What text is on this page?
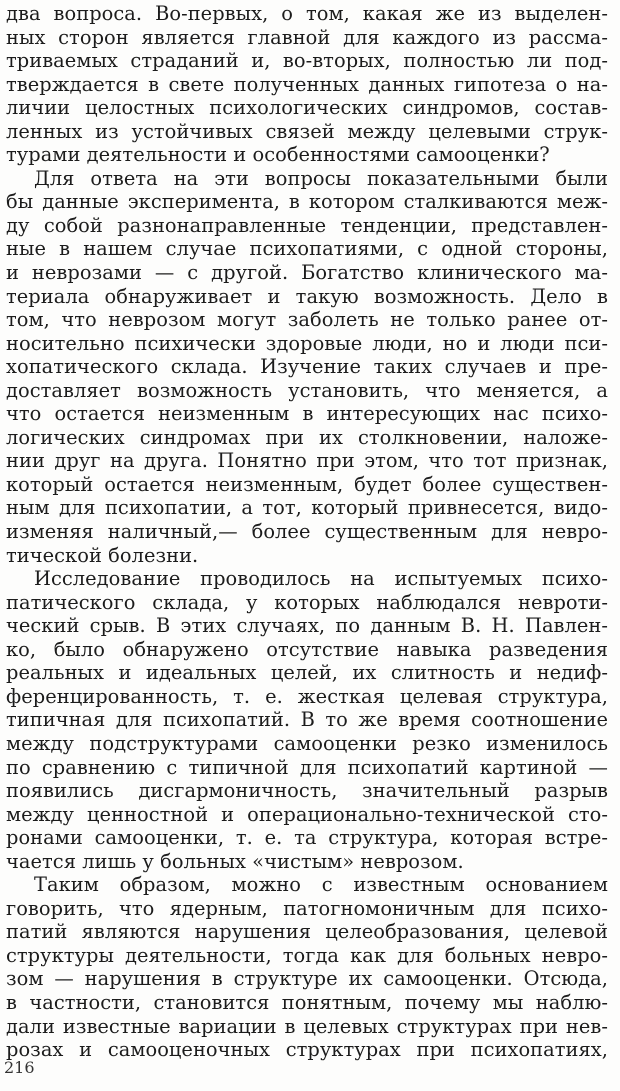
два вопроса. Во-первых, о том, какая же из выделен-
ных сторон является главной для каждого из рассма-
триваемых страданий и, во-вторых, полностью ли под-
тверждается в свете полученных данных гипотеза о на-
личии целостных психологических синдромов, состав-
ленных из устойчивых связей между целевыми струк-
турами деятельности и особенностями самооценки?
Для ответа на эти вопросы показательными были
бы данные эксперимента, в котором сталкиваются меж-
ду собой разнонаправленные тенденции, представлен-
ные в нашем случае психопатиями, с одной стороны,
и неврозами — с другой. Богатство клинического ма-
териала обнаруживает и такую возможность. Дело в
том, что неврозом могут заболеть не только ранее от-
носительно психически здоровые люди, но и люди пси-
хопатического склада. Изучение таких случаев и пре-
доставляет возможность установить, что меняется, а
что остается неизменным в интересующих нас психо-
логических синдромах при их столкновении, наложе-
нии друг на друга. Понятно при этом, что тот признак,
который остается неизменным, будет более существен-
ным для психопатии, а тот, который привнесется, видо-
изменяя наличный,— более существенным для невро-
тической болезни.
Исследование проводилось на испытуемых психо-
патического склада, у которых наблюдался невроти-
ческий срыв. В этих случаях, по данным В. Н. Павлен-
ко, было обнаружено отсутствие навыка разведения
реальных и идеальных целей, их слитность и недиф-
ференцированность, т. е. жесткая целевая структура,
типичная для психопатий. В то же время соотношение
между подструктурами самооценки резко изменилось
по сравнению с типичной для психопатий картиной —
появились дисгармоничность, значительный разрыв
между ценностной и операционально-технической сто-
ронами самооценки, т. е. та структура, которая встре-
чается лишь у больных «чистым» неврозом.
Таким образом, можно с известным основанием
говорить, что ядерным, патогномоничным для психо-
патий являются нарушения целеобразования, целевой
структуры деятельности, тогда как для больных невро-
зом — нарушения в структуре их самооценки. Отсюда,
в частности, становится понятным, почему мы наблю-
дали известные вариации в целевых структурах при нев-
розах и самооценочных структурах при психопатиях,
216
